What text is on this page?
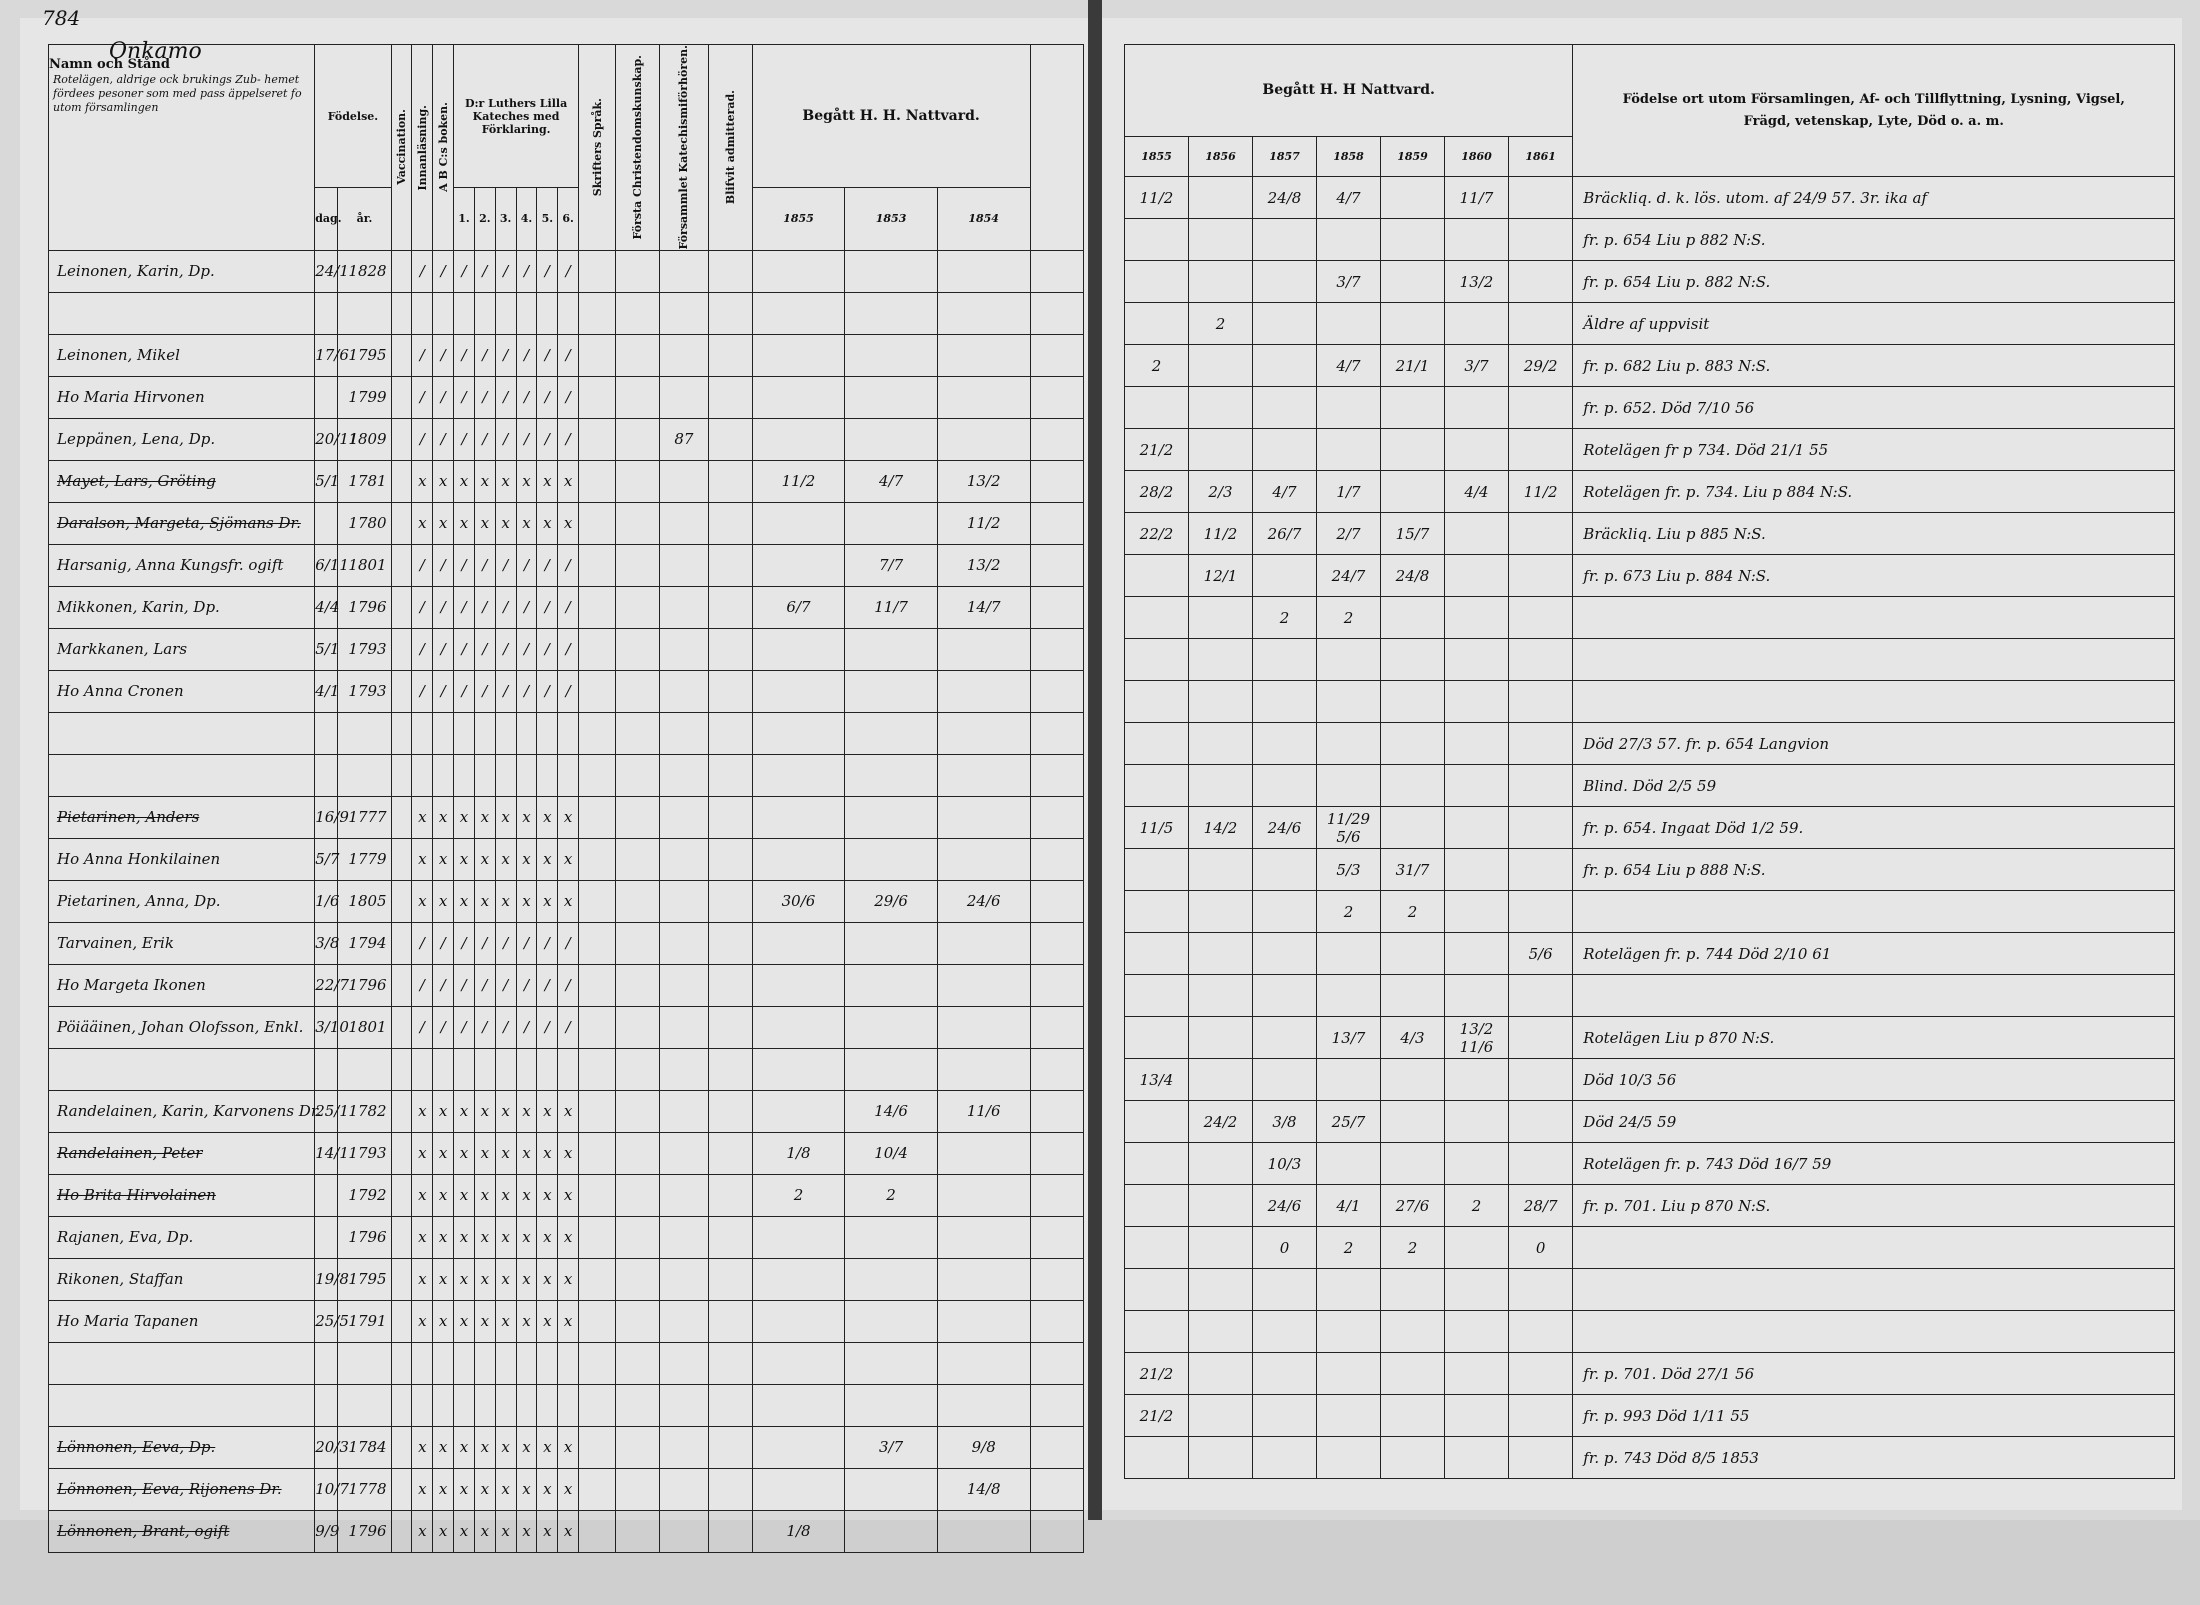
784
Onkamo
Namn och Stånd
Rotelägen, aldrige ock brukings Zub- hemet fördees pesoner som med pass äppelseret fo utom församlingen	Födelse.		Vaccination.	Innanläsning.	A B C:s boken.	D:r Luthers Lilla Kateches med Förklaring.						Skrifters Språk.	Första Christendomskunskap.	Försammlet Katechismiförhören.	Blifvit admitterad.	Begått H. H. Nattvard.			

	dag.	år.				1.	2.	3.	4.	5.	6.					1855	1853	1854	
Leinonen, Karin, Dp.	24/1	1828		/	/	/	/	/	/	/	/								

Leinonen, Mikel	17/6	1795		/	/	/	/	/	/	/	/								
Ho Maria Hirvonen		1799		/	/	/	/	/	/	/	/								
Leppänen, Lena, Dp.	20/11	1809		/	/	/	/	/	/	/	/			87					
Mayet, Lars, Gröting	5/1	1781		x	x	x	x	x	x	x	x					11/2	4/7	13/2	
Daralson, Margeta, Sjömans Dr.		1780		x	x	x	x	x	x	x	x							11/2	
Harsanig, Anna Kungsfr. ogift	6/11	1801		/	/	/	/	/	/	/	/						7/7	13/2	
Mikkonen, Karin, Dp.	4/4	1796		/	/	/	/	/	/	/	/					6/7	11/7	14/7	
Markkanen, Lars	5/1	1793		/	/	/	/	/	/	/	/								
Ho Anna Cronen	4/1	1793		/	/	/	/	/	/	/	/								

Pietarinen, Anders	16/9	1777		x	x	x	x	x	x	x	x								
Ho Anna Honkilainen	5/7	1779		x	x	x	x	x	x	x	x								
Pietarinen, Anna, Dp.	1/6	1805		x	x	x	x	x	x	x	x					30/6	29/6	24/6	
Tarvainen, Erik	3/8	1794		/	/	/	/	/	/	/	/								
Ho Margeta Ikonen	22/7	1796		/	/	/	/	/	/	/	/								
Pöiääinen, Johan Olofsson, Enkl.	3/10	1801		/	/	/	/	/	/	/	/								

Randelainen, Karin, Karvonens Dr.	25/1	1782		x	x	x	x	x	x	x	x						14/6	11/6	
Randelainen, Peter	14/1	1793		x	x	x	x	x	x	x	x					1/8	10/4		
Ho Brita Hirvolainen		1792		x	x	x	x	x	x	x	x					2	2		
Rajanen, Eva, Dp.		1796		x	x	x	x	x	x	x	x								
Rikonen, Staffan	19/8	1795		x	x	x	x	x	x	x	x								
Ho Maria Tapanen	25/5	1791		x	x	x	x	x	x	x	x								

Lönnonen, Eeva, Dp.	20/3	1784		x	x	x	x	x	x	x	x						3/7	9/8	
Lönnonen, Eeva, Rijonens Dr.	10/7	1778		x	x	x	x	x	x	x	x							14/8	
Lönnonen, Brant, ogift	9/9	1796		x	x	x	x	x	x	x	x					1/8			
Begått H. H Nattvard.							Födelse ort utom Församlingen, Af- och Tillflyttning, Lysning, Vigsel, Frägd, vetenskap, Lyte, Död o. a. m.
1855	1856	1857	1858	1859	1860	1861	
11/2		24/8	4/7		11/7		Bräckliq. d. k. lös. utom. af 24/9 57. 3r. ika af
							fr. p. 654 Liu p 882 N:S.
			3/7		13/2		fr. p. 654 Liu p. 882 N:S.
	2						Äldre af uppvisit
2			4/7	21/1	3/7	29/2	fr. p. 682 Liu p. 883 N:S.
							fr. p. 652. Död 7/10 56
21/2							Rotelägen fr p 734. Död 21/1 55
28/2	2/3	4/7	1/7		4/4	11/2	Rotelägen fr. p. 734. Liu p 884 N:S.
22/2	11/2	26/7	2/7	15/7			Bräckliq. Liu p 885 N:S.
	12/1		24/7	24/8			fr. p. 673 Liu p. 884 N:S.
		2	2				

							Död 27/3 57. fr. p. 654 Langvion
							Blind. Död 2/5 59
11/5	14/2	24/6	11/29 5/6				fr. p. 654. Ingaat Död 1/2 59.
			5/3	31/7			fr. p. 654 Liu p 888 N:S.
			2	2			
						5/6	Rotelägen fr. p. 744 Död 2/10 61

			13/7	4/3	13/2 11/6		Rotelägen Liu p 870 N:S.
13/4							Död 10/3 56
	24/2	3/8	25/7				Död 24/5 59
		10/3					Rotelägen fr. p. 743 Död 16/7 59
		24/6	4/1	27/6	2	28/7	fr. p. 701. Liu p 870 N:S.
		0	2	2		0	

21/2							fr. p. 701. Död 27/1 56
21/2							fr. p. 993 Död 1/11 55
							fr. p. 743 Död 8/5 1853
